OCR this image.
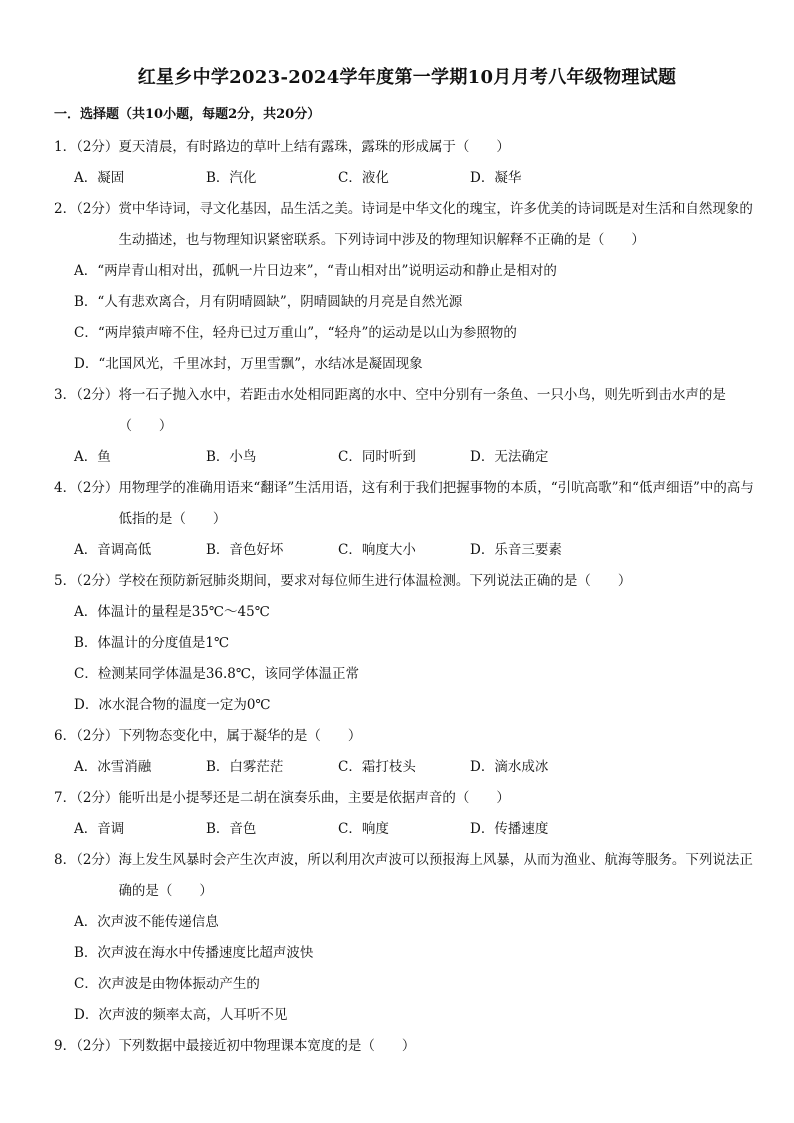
红星乡中学2023-2024学年度第一学期10月月考八年级物理试题
一．选择题（共10小题，每题2分，共20分）
1．（2分） 夏天清晨，有时路边的草叶上结有露珠，露珠的形成属于（　　）
A．凝固	B．汽化	C．液化	D．凝华
2．（2分） 赏中华诗词，寻文化基因，品生活之美。诗词是中华文化的瑰宝，许多优美的诗词既是对生活和自然现象的生动描述，也与物理知识紧密联系。下列诗词中涉及的物理知识解释不正确的是（　　）
A．“两岸青山相对出，孤帆一片日边来”，“青山相对出”说明运动和静止是相对的
B．“人有悲欢离合，月有阴晴圆缺”，阴晴圆缺的月亮是自然光源
C．“两岸猿声啼不住，轻舟已过万重山”，“轻舟”的运动是以山为参照物的
D．“北国风光，千里冰封，万里雪飘”，水结冰是凝固现象
3．（2分） 将一石子抛入水中，若距击水处相同距离的水中、空中分别有一条鱼、一只小鸟，则先听到击水声的是（　　）
A．鱼	B．小鸟	C．同时听到	D．无法确定
4．（2分） 用物理学的准确用语来“翻译”生活用语，这有利于我们把握事物的本质，“引吭高歌”和“低声细语”中的高与低指的是（　　）
A．音调高低	B．音色好坏	C．响度大小	D．乐音三要素
5．（2分） 学校在预防新冠肺炎期间，要求对每位师生进行体温检测。下列说法正确的是（　　）
A．体温计的量程是35℃～45℃
B．体温计的分度值是1℃
C．检测某同学体温是36.8℃，该同学体温正常
D．冰水混合物的温度一定为0℃
6．（2分） 下列物态变化中，属于凝华的是（　　）
A．冰雪消融	B．白雾茫茫	C．霜打枝头	D．滴水成冰
7．（2分） 能听出是小提琴还是二胡在演奏乐曲，主要是依据声音的（　　）
A．音调	B．音色	C．响度	D．传播速度
8．（2分） 海上发生风暴时会产生次声波，所以利用次声波可以预报海上风暴，从而为渔业、航海等服务。下列说法正确的是（　　）
A．次声波不能传递信息
B．次声波在海水中传播速度比超声波快
C．次声波是由物体振动产生的
D．次声波的频率太高，人耳听不见
9．（2分） 下列数据中最接近初中物理课本宽度的是（　　）
